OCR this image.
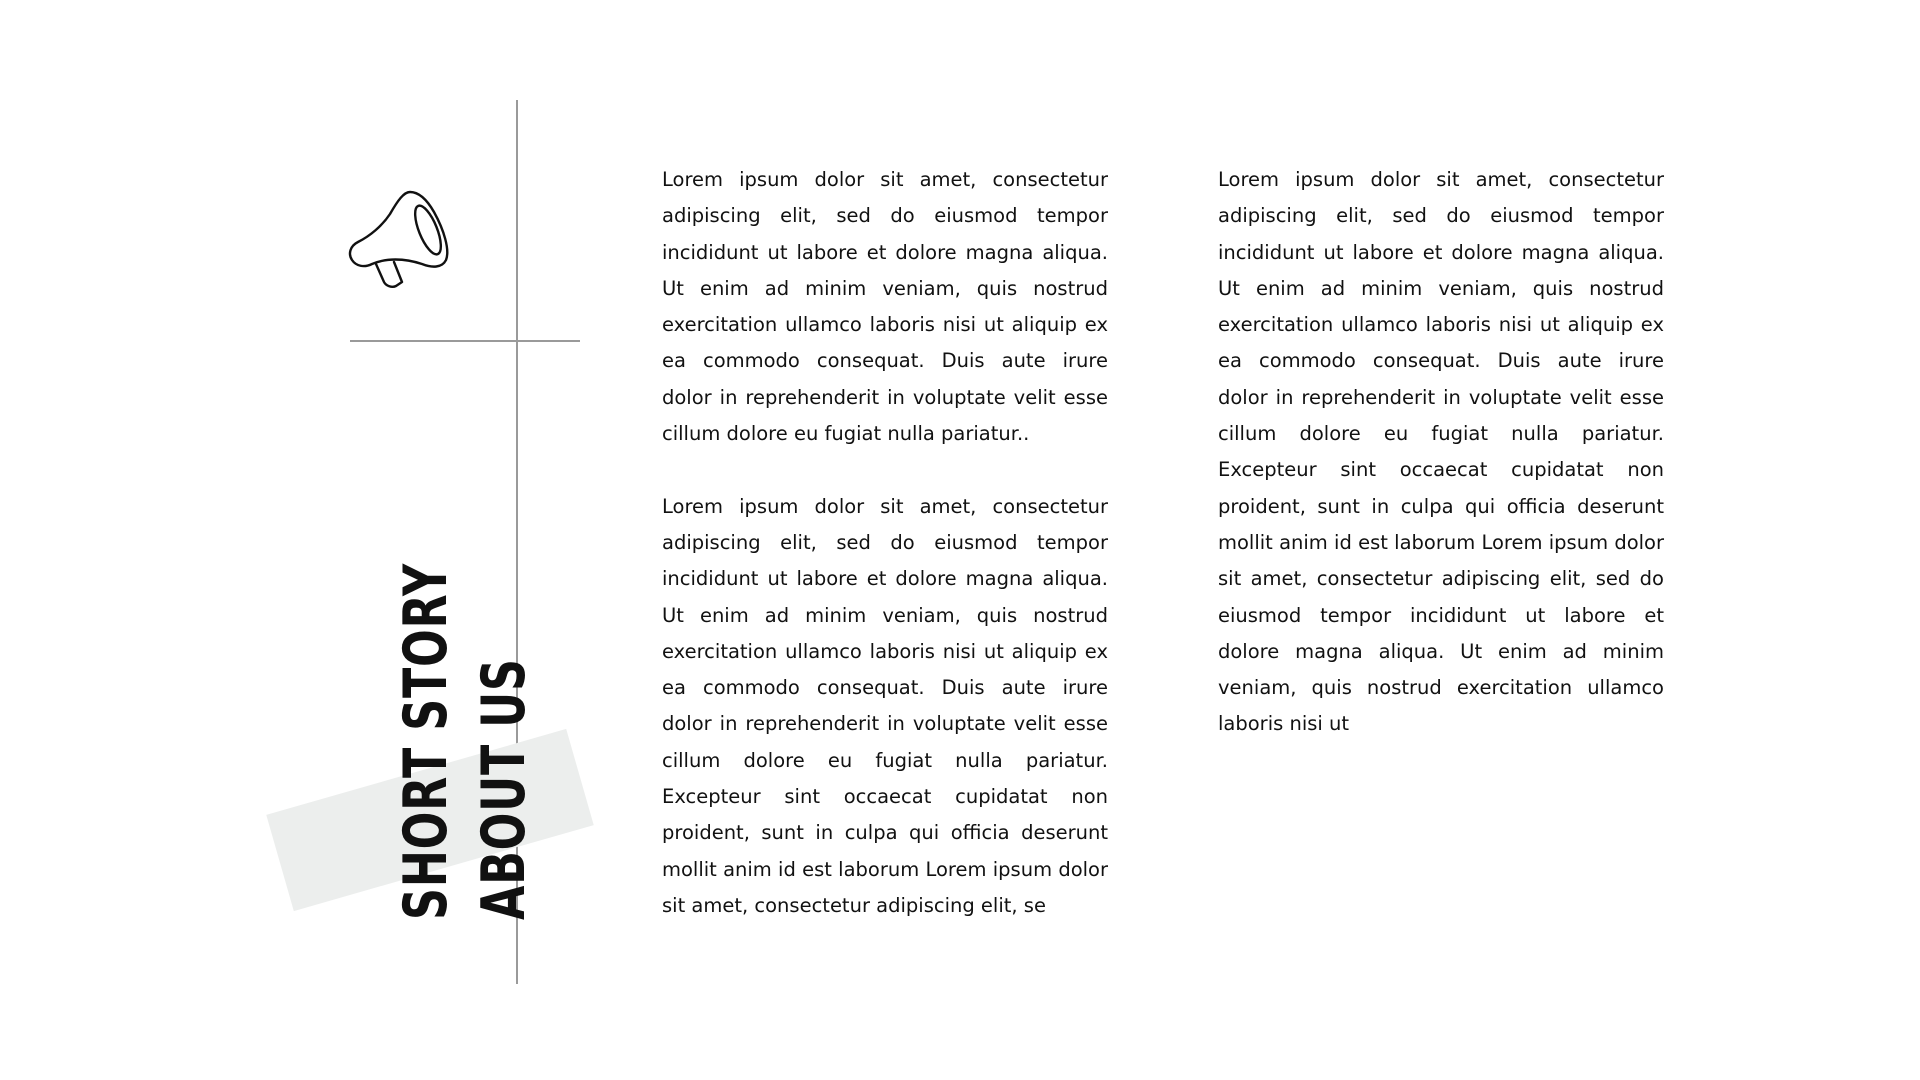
SHORT STORY ABOUT US

Lorem ipsum dolor sit amet, consectetur adipiscing elit, sed do eiusmod tempor incididunt ut labore et dolore magna aliqua. Ut enim ad minim veniam, quis nostrud exercitation ullamco laboris nisi ut aliquip ex ea commodo consequat. Duis aute irure dolor in reprehenderit in voluptate velit esse cillum dolore eu fugiat nulla pariatur..

Lorem ipsum dolor sit amet, consectetur adipiscing elit, sed do eiusmod tempor incididunt ut labore et dolore magna aliqua. Ut enim ad minim veniam, quis nostrud exercitation ullamco laboris nisi ut aliquip ex ea commodo consequat. Duis aute irure dolor in reprehenderit in voluptate velit esse cillum dolore eu fugiat nulla pariatur. Excepteur sint occaecat cupidatat non proident, sunt in culpa qui officia deserunt mollit anim id est laborum Lorem ipsum dolor sit amet, consectetur adipiscing elit, se

Lorem ipsum dolor sit amet, consectetur adipiscing elit, sed do eiusmod tempor incididunt ut labore et dolore magna aliqua. Ut enim ad minim veniam, quis nostrud exercitation ullamco laboris nisi ut aliquip ex ea commodo consequat. Duis aute irure dolor in reprehenderit in voluptate velit esse cillum dolore eu fugiat nulla pariatur. Excepteur sint occaecat cupidatat non proident, sunt in culpa qui officia deserunt mollit anim id est laborum Lorem ipsum dolor sit amet, consectetur adipiscing elit, sed do eiusmod tempor incididunt ut labore et dolore magna aliqua. Ut enim ad minim veniam, quis nostrud exercitation ullamco laboris nisi ut
